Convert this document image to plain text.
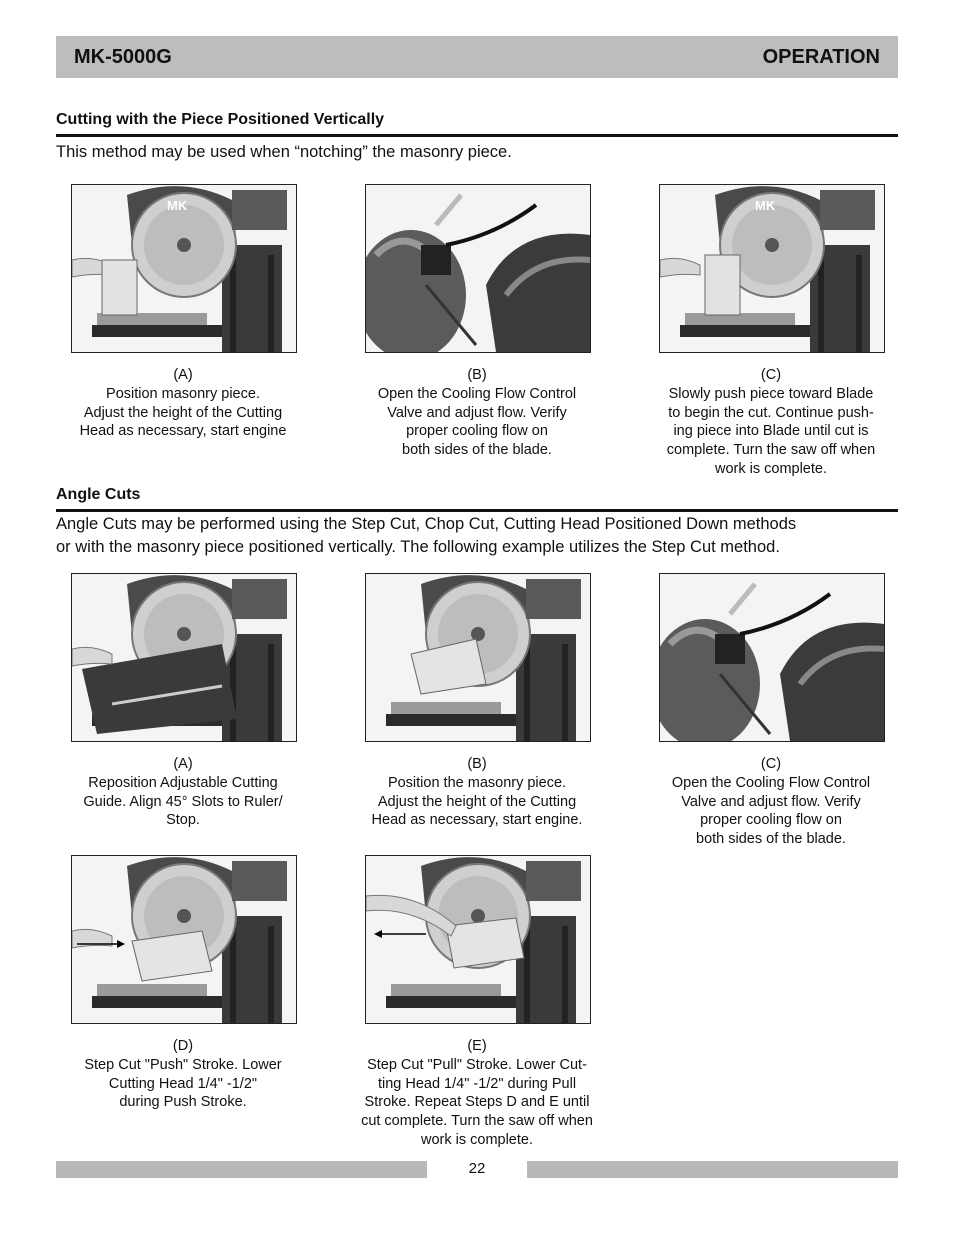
MK-5000G	OPERATION
Cutting with the Piece Positioned Vertically
This method may be used when “notching” the masonry piece.
MK	MK
(A)
Position masonry piece.
Adjust the height of the Cutting
Head as necessary, start engine
(B)
Open the Cooling Flow Control
Valve and adjust flow. Verify
proper cooling flow on
both sides of the blade.
(C)
Slowly push piece toward Blade
to begin the cut. Continue push-
ing piece into Blade until cut is
complete. Turn the saw off when
work is complete.
Angle Cuts
Angle Cuts may be performed using the Step Cut, Chop Cut, Cutting Head Positioned Down methods
or with the masonry piece positioned vertically. The following example utilizes the Step Cut method.
(A)
Reposition Adjustable Cutting
Guide. Align 45° Slots to Ruler/
Stop.
(B)
Position the masonry piece.
Adjust the height of the Cutting
Head as necessary, start engine.
(C)
Open the Cooling Flow Control
Valve and adjust flow. Verify
proper cooling flow on
both sides of the blade.
(D)
Step Cut "Push" Stroke. Lower
Cutting Head 1/4" -1/2"
during Push Stroke.
(E)
Step Cut "Pull" Stroke. Lower Cut-
ting Head 1/4" -1/2" during Pull
Stroke. Repeat Steps D and E until
cut complete. Turn the saw off when
work is complete.
22
